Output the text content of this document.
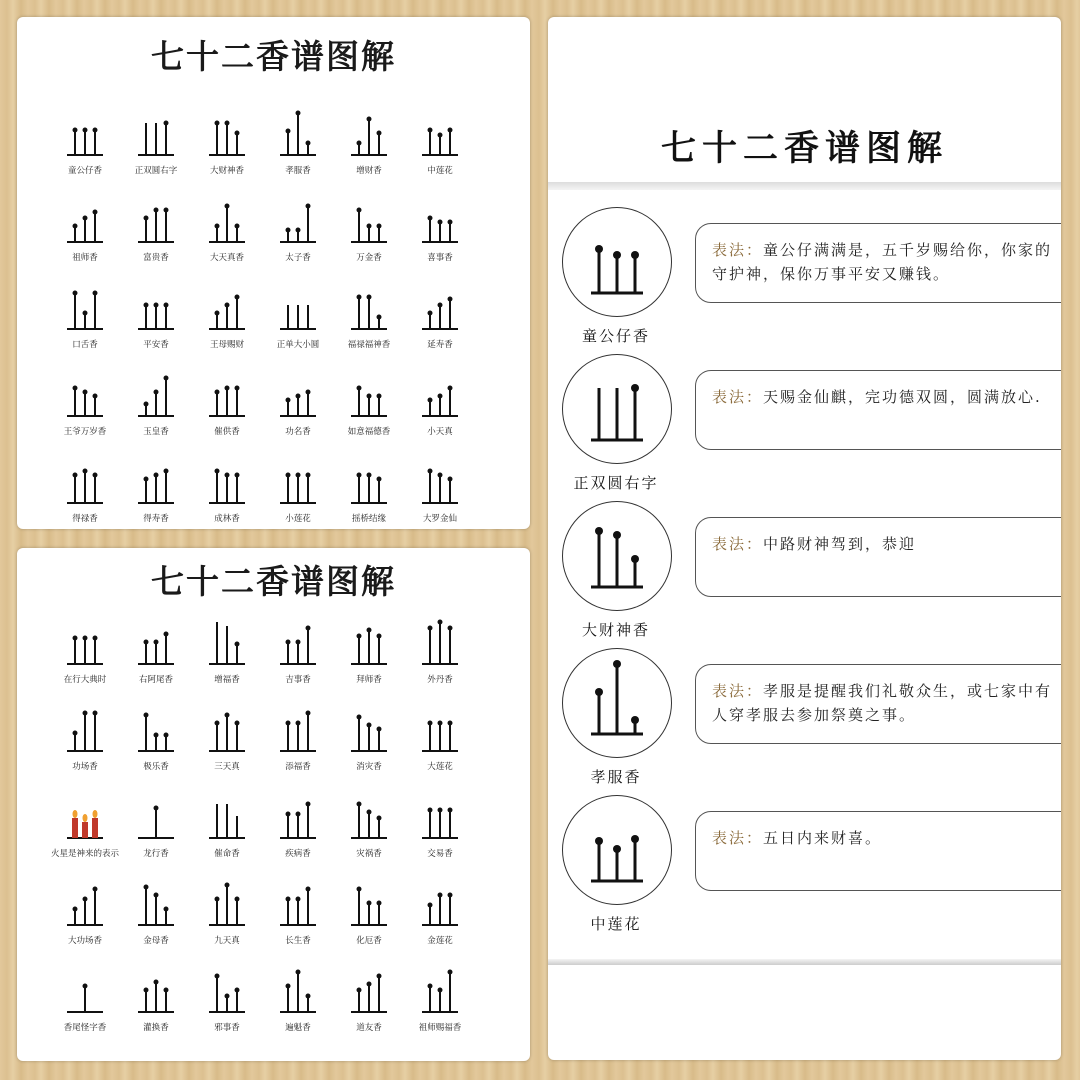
七十二香谱图解
童公仔香	正双圆右字	大财神香	孝服香	增财香	中莲花
祖师香	富贵香	大天真香	太子香	万金香	喜事香
口舌香	平安香	王母赐财	正单大小圆	福禄福神香	延寿香
王爷万岁香	玉皇香	催供香	功名香	如意福德香	小天真
得禄香	得寿香	成林香	小莲花	摇桥结缘	大罗金仙
七十二香谱图解
在行大典时	右阿尾香	增福香	吉事香	拜师香	外丹香
功场香	极乐香	三天真	添福香	消灾香	大莲花
火星是神来的表示	龙行香	催命香	疾病香	灾祸香	交易香
大功场香	金母香	九天真	长生香	化厄香	金莲花
香尾怪字香	灌换香	邪事香	遍魁香	道友香	祖师赐福香
七十二香谱图解
童公仔香
表法：童公仔满满是，五千岁赐给你，你家的守护神，保你万事平安又赚钱。
正双圆右字
表法：天赐金仙麒，完功德双圆，圆满放心.
大财神香
表法：中路财神驾到，恭迎
孝服香
表法：孝服是提醒我们礼敬众生，或七家中有人穿孝服去参加祭奠之事。
中莲花
表法：五日内来财喜。
